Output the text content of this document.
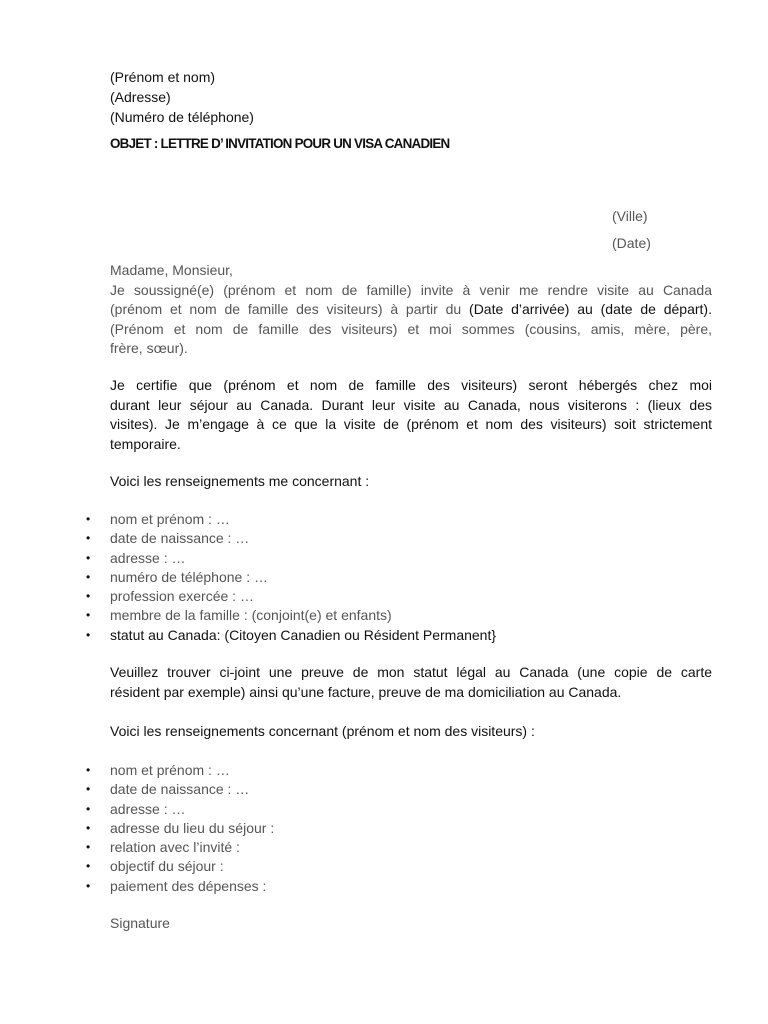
(Prénom et nom)
(Adresse)
(Numéro de téléphone)
OBJET : LETTRE D’ INVITATION POUR UN VISA CANADIEN
(Ville)
(Date)
Madame, Monsieur,
Je soussigné(e) (prénom et nom de famille) invite à venir me rendre visite au Canada
(prénom et nom de famille des visiteurs) à partir du (Date d’arrivée) au (date de départ).
(Prénom et nom de famille des visiteurs) et moi sommes (cousins, amis, mère, père,
frère, sœur).
Je certifie que (prénom et nom de famille des visiteurs) seront hébergés chez moi
durant leur séjour au Canada. Durant leur visite au Canada, nous visiterons : (lieux des
visites). Je m’engage à ce que la visite de (prénom et nom des visiteurs) soit strictement
temporaire.
Voici les renseignements me concernant :
• nom et prénom : …
• date de naissance : …
• adresse : …
• numéro de téléphone : …
• profession exercée : …
• membre de la famille : (conjoint(e) et enfants)
• statut au Canada: (Citoyen Canadien ou Résident Permanent}
Veuillez trouver ci-joint une preuve de mon statut légal au Canada (une copie de carte
résident par exemple) ainsi qu’une facture, preuve de ma domiciliation au Canada.
Voici les renseignements concernant (prénom et nom des visiteurs) :
• nom et prénom : …
• date de naissance : …
• adresse : …
• adresse du lieu du séjour :
• relation avec l’invité :
• objectif du séjour :
• paiement des dépenses :
Signature
